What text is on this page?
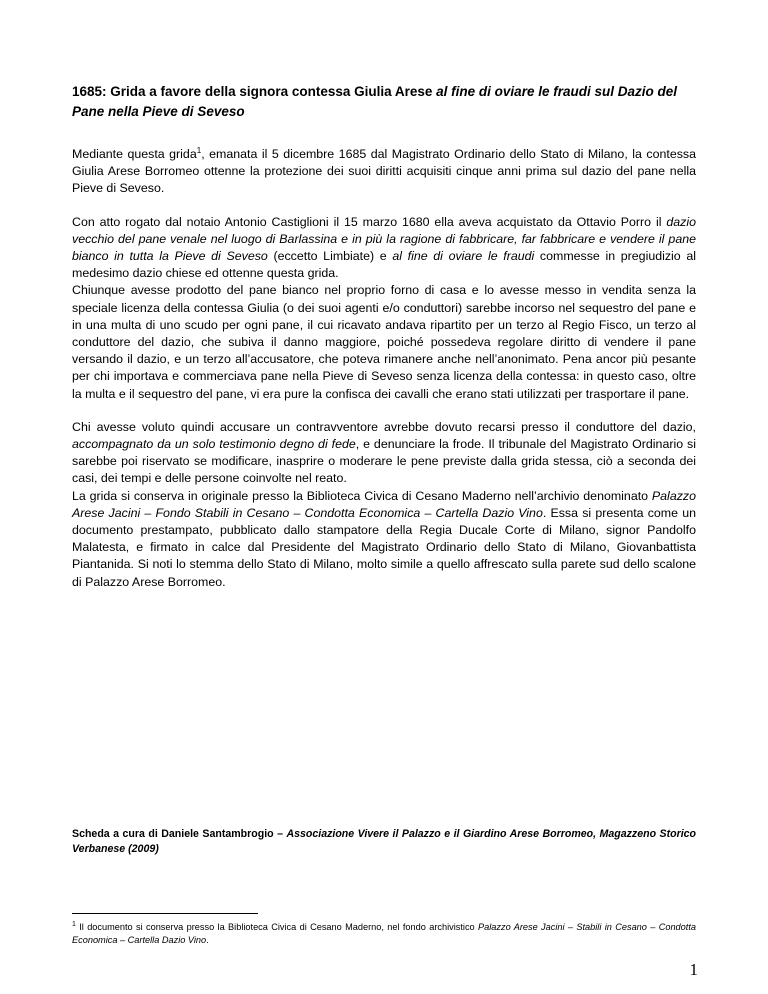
1685: Grida a favore della signora contessa Giulia Arese al fine di oviare le fraudi sul Dazio del Pane nella Pieve di Seveso

Mediante questa grida$^1$, emanata il 5 dicembre 1685 dal Magistrato Ordinario dello Stato di Milano, la contessa Giulia Arese Borromeo ottenne la protezione dei suoi diritti acquisiti cinque anni prima sul dazio del pane nella Pieve di Seveso.

Con atto rogato dal notaio Antonio Castiglioni il 15 marzo 1680 ella aveva acquistato da Ottavio Porro il dazio vecchio del pane venale nel luogo di Barlassina e in più la ragione di fabbricare, far fabbricare e vendere il pane bianco in tutta la Pieve di Seveso (eccetto Limbiate) e al fine di oviare le fraudi commesse in pregiudizio al medesimo dazio chiese ed ottenne questa grida.

Chiunque avesse prodotto del pane bianco nel proprio forno di casa e lo avesse messo in vendita senza la speciale licenza della contessa Giulia (o dei suoi agenti e/o conduttori) sarebbe incorso nel sequestro del pane e in una multa di uno scudo per ogni pane, il cui ricavato andava ripartito per un terzo al Regio Fisco, un terzo al conduttore del dazio, che subiva il danno maggiore, poiché possedeva regolare diritto di vendere il pane versando il dazio, e un terzo all’accusatore, che poteva rimanere anche nell’anonimato. Pena ancor più pesante per chi importava e commerciava pane nella Pieve di Seveso senza licenza della contessa: in questo caso, oltre la multa e il sequestro del pane, vi era pure la confisca dei cavalli che erano stati utilizzati per trasportare il pane.

Chi avesse voluto quindi accusare un contravventore avrebbe dovuto recarsi presso il conduttore del dazio, accompagnato da un solo testimonio degno di fede, e denunciare la frode. Il tribunale del Magistrato Ordinario si sarebbe poi riservato se modificare, inasprire o moderare le pene previste dalla grida stessa, ciò a seconda dei casi, dei tempi e delle persone coinvolte nel reato.

La grida si conserva in originale presso la Biblioteca Civica di Cesano Maderno nell’archivio denominato Palazzo Arese Jacini – Fondo Stabili in Cesano – Condotta Economica – Cartella Dazio Vino. Essa si presenta come un documento prestampato, pubblicato dallo stampatore della Regia Ducale Corte di Milano, signor Pandolfo Malatesta, e firmato in calce dal Presidente del Magistrato Ordinario dello Stato di Milano, Giovanbattista Piantanida. Si noti lo stemma dello Stato di Milano, molto simile a quello affrescato sulla parete sud dello scalone di Palazzo Arese Borromeo.

Scheda a cura di Daniele Santambrogio – Associazione Vivere il Palazzo e il Giardino Arese Borromeo, Magazzeno Storico Verbanese (2009)

$^1$ Il documento si conserva presso la Biblioteca Civica di Cesano Maderno, nel fondo archivistico Palazzo Arese Jacini – Stabili in Cesano – Condotta Economica – Cartella Dazio Vino.

1
